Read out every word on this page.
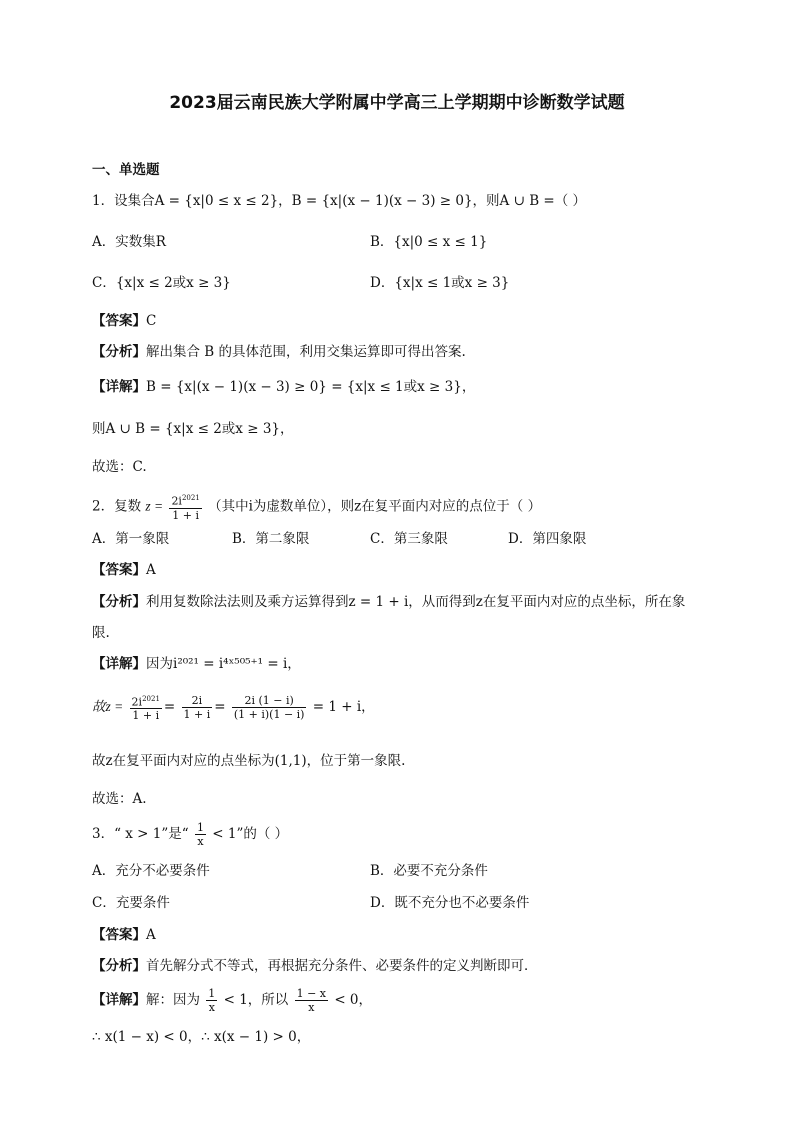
2023届云南民族大学附属中学高三上学期期中诊断数学试题
一、单选题
1．设集合A = {x|0 ≤ x ≤ 2}，B = {x|(x − 1)(x − 3) ≥ 0}，则A ∪ B =（ ）
A．实数集R	B．{x|0 ≤ x ≤ 1}
C．{x|x ≤ 2或x ≥ 3}	D．{x|x ≤ 1或x ≥ 3}
【答案】C
【分析】解出集合 B 的具体范围，利用交集运算即可得出答案.
【详解】B = {x|(x − 1)(x − 3) ≥ 0} = {x|x ≤ 1或x ≥ 3}，
则A ∪ B = {x|x ≤ 2或x ≥ 3}，
故选：C.
2．复数 $z = \frac{2i^{2021}}{1 + i}$ （其中i为虚数单位），则z在复平面内对应的点位于（ ）
A．第一象限	B．第二象限	C．第三象限	D．第四象限
【答案】A
【分析】利用复数除法法则及乘方运算得到z = 1 + i，从而得到z在复平面内对应的点坐标，所在象
限.
【详解】因为i²⁰²¹ = i⁴ˣ⁵⁰⁵⁺¹ = i，
故$z = \frac{2i^{2021}}{1 + i} = \frac{2i}{1 + i} = \frac{2i (1 - i)}{(1 + i)(1 - i)} = 1 + i$，
故z在复平面内对应的点坐标为(1,1)，位于第一象限.
故选：A.
3．“ x > 1”是“ $\frac{1}{x} < 1$”的（ ）
A．充分不必要条件	B．必要不充分条件
C．充要条件	D．既不充分也不必要条件
【答案】A
【分析】首先解分式不等式，再根据充分条件、必要条件的定义判断即可．
【详解】解：因为 $\frac{1}{x} < 1$，所以 $\frac{1 - x}{x} < 0$，
∴ x(1 − x) < 0，∴ x(x − 1) > 0，
